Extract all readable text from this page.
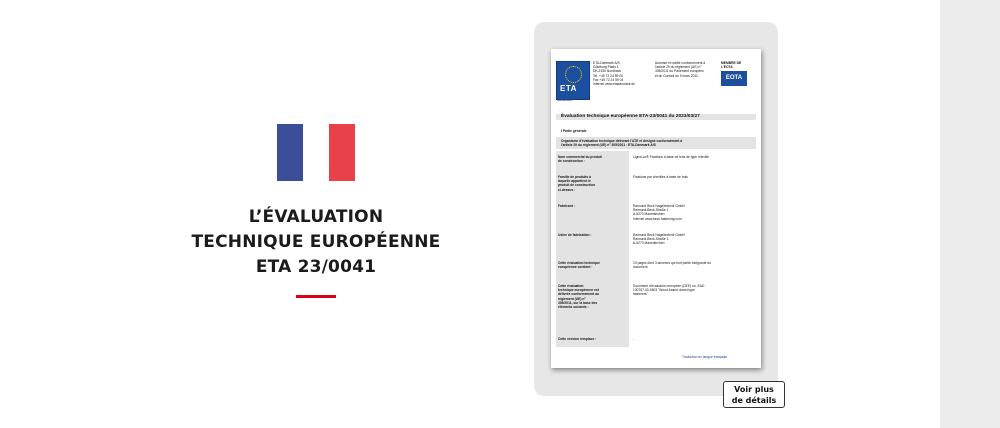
L’ÉVALUATION
TECHNIQUE EUROPÉENNE
ETA 23/0041
ETA
DANMARK
ETA-Danmark A/S
Göteborg Plads 1
DK-2150 Nordhavn
Tel. +45 72 24 59 00
Fax +45 72 24 59 04
Internet www.etadanmark.dk
Autorisé et notifié conformément à
l'article 29 du règlement (UE) n°
305/2011 du Parlement européen
et du Conseil du 9 mars 2011.
MEMBRE DE
L'EOTA
EOTA
Évaluation technique européenne ETA-23/0041 du 2023/03/27
I Partie générale
Organisme d'évaluation technique délivrant l'ATE et désigné conformément à
l'article 29 du règlement (UE) n° 305/2011 : ETA-Danmark A/S
Nom commercial du produit
de construction :
LignoLoc® Fixations à base de bois de type cheville
Famille de produits à
laquelle appartient le
produit de construction
ci-dessus :
Fixations par chevilles à base de bois
Fabricant :	Raimund Beck Nageltechnik GmbH
Raimund-Beck-Straße 1
A-5270 Mauerkirchen
Internet www.beck-fastening.com
Usine de fabrication :	Raimund Beck Nageltechnik GmbH
Raimund-Beck-Straße 1
A-5270 Mauerkirchen
Cette évaluation technique
européenne contient :
10 pages dont 3 annexes qui font partie intégrante du
document
Cette évaluation
technique européenne est
délivrée conformément au
règlement (UE) n°
305/2011, sur la base des
éléments suivants :
Document d'évaluation européen (DEE) no. EAD
130767-00-0603 "Wood-based dowel-type
fasteners".
Cette version remplace :	-
Traduction en langue française
Voir plus
de détails
